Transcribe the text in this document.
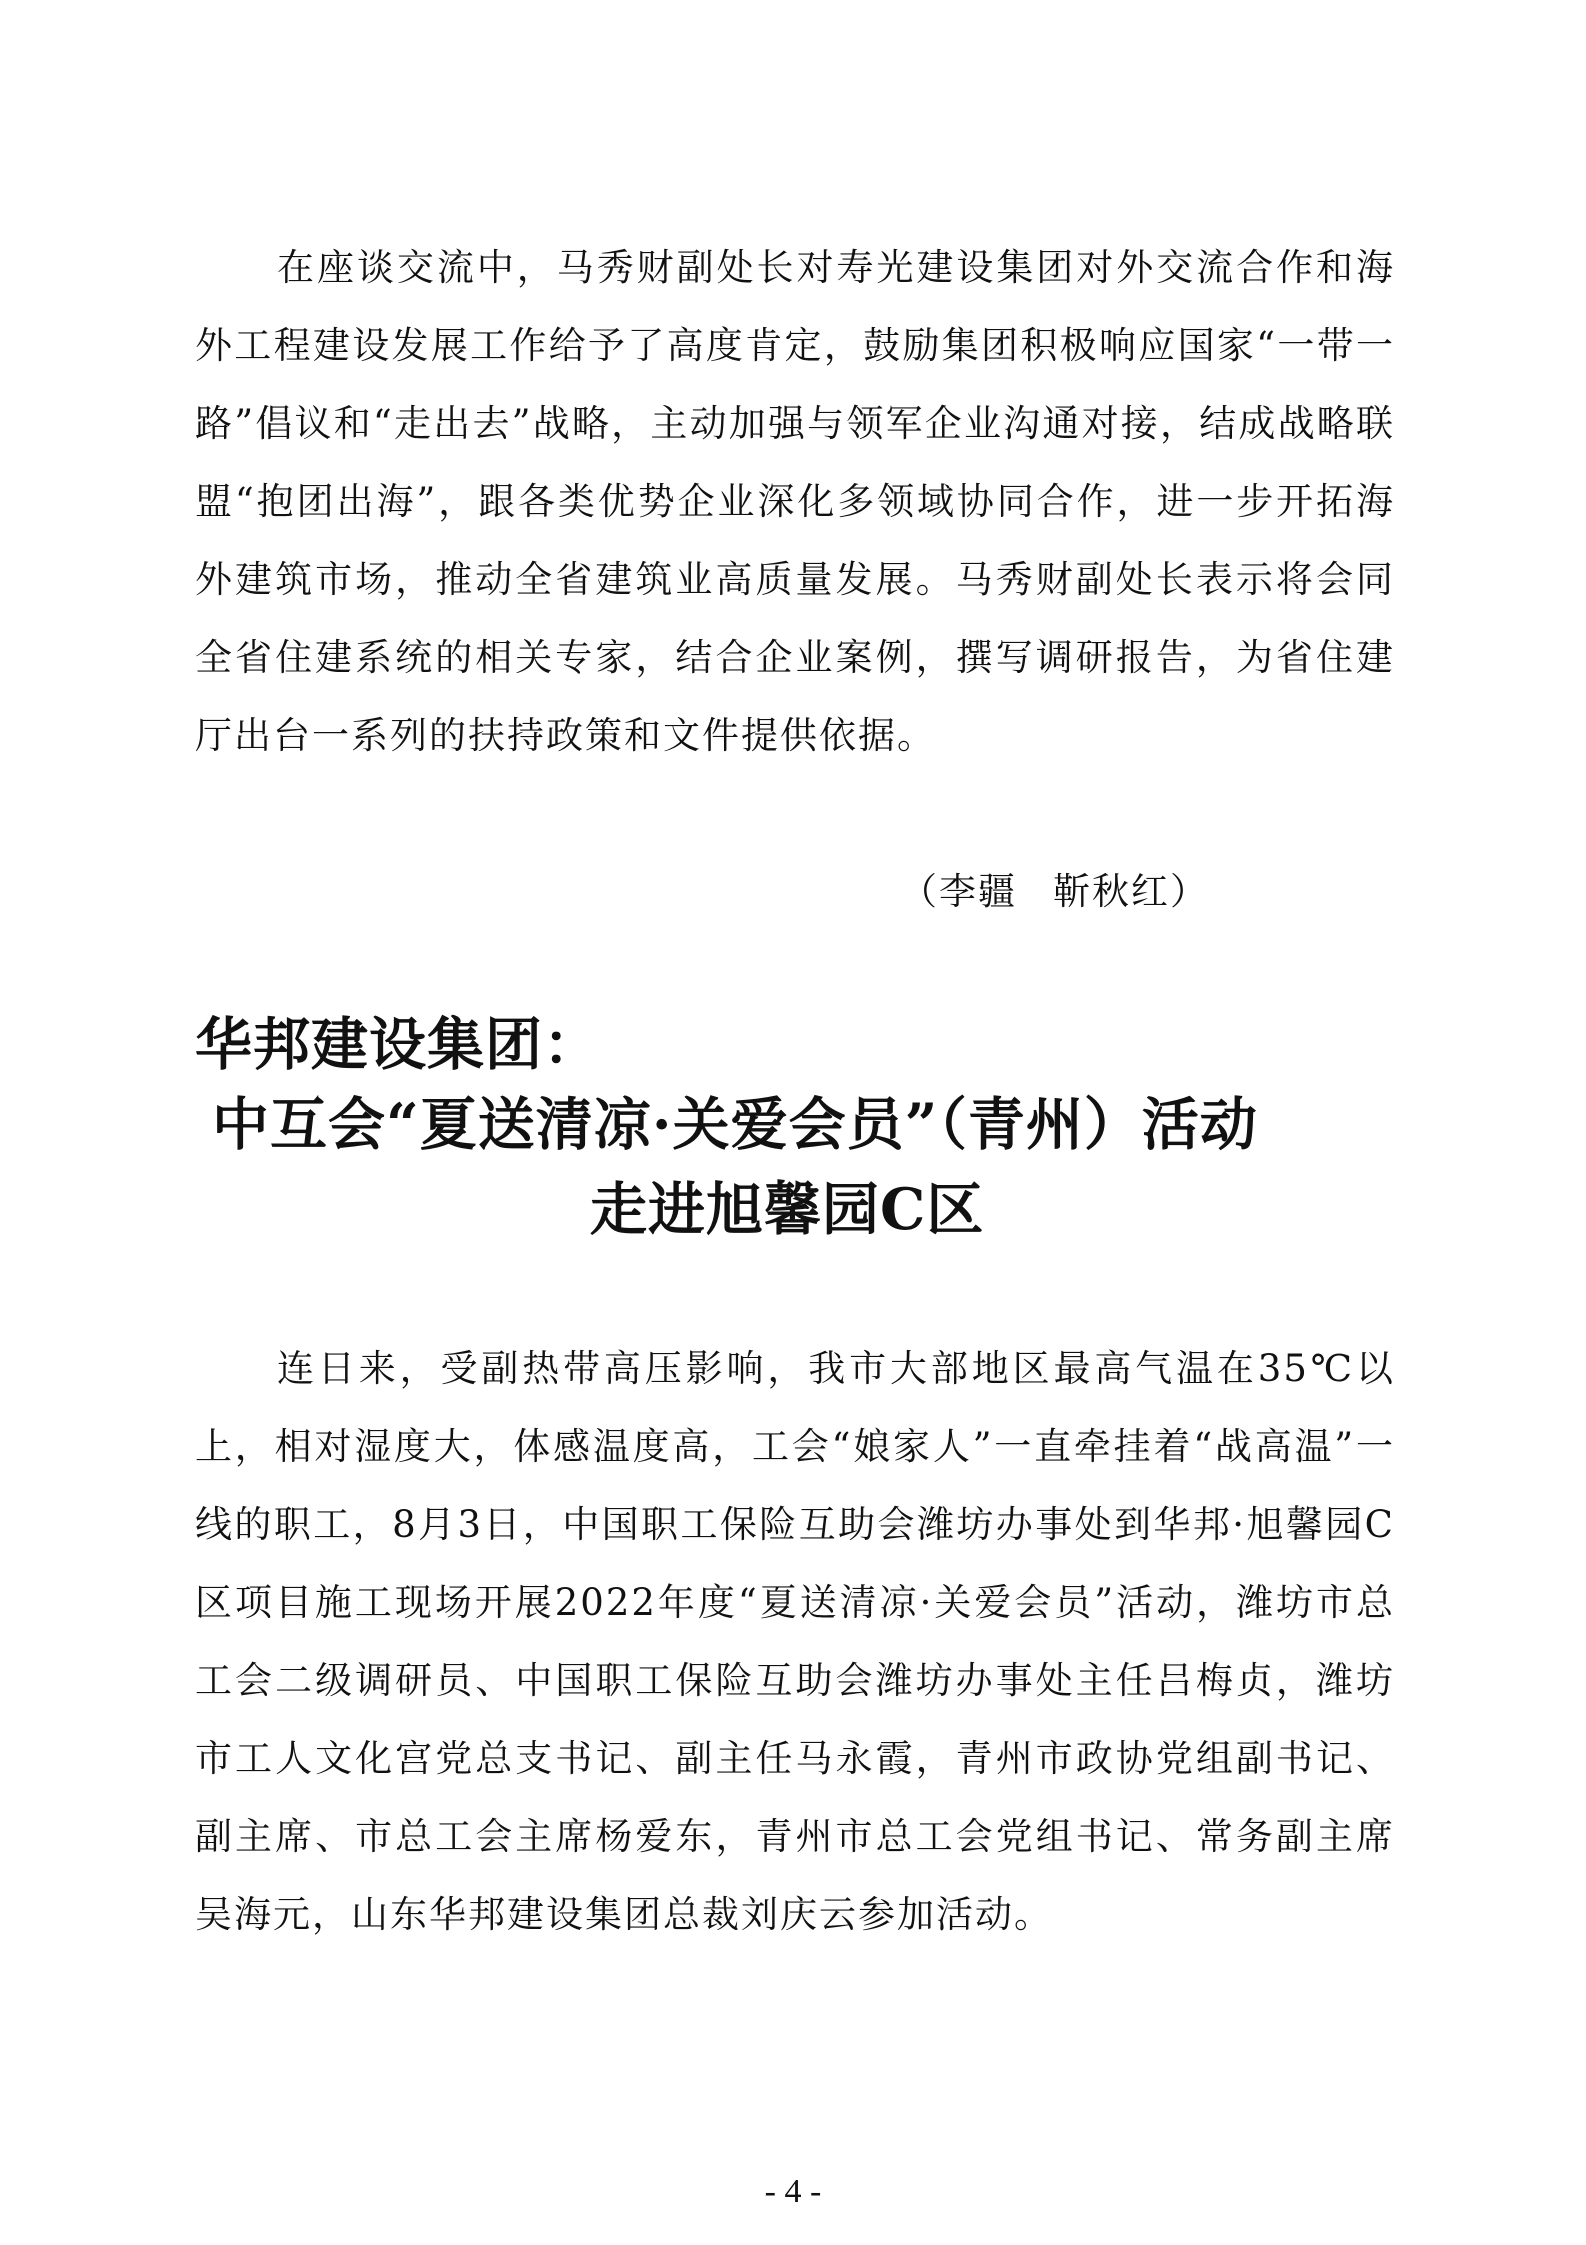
在座谈交流中，马秀财副处长对寿光建设集团对外交流合作和海外工程建设发展工作给予了高度肯定，鼓励集团积极响应国家“一带一路”倡议和“走出去”战略，主动加强与领军企业沟通对接，结成战略联盟“抱团出海”，跟各类优势企业深化多领域协同合作，进一步开拓海外建筑市场，推动全省建筑业高质量发展。马秀财副处长表示将会同全省住建系统的相关专家，结合企业案例，撰写调研报告，为省住建厅出台一系列的扶持政策和文件提供依据。

（李疆 靳秋红）
华邦建设集团：
中互会“夏送清凉·关爱会员”（青州）活动
走进旭馨园C区

连日来，受副热带高压影响，我市大部地区最高气温在35℃以上，相对湿度大，体感温度高，工会“娘家人”一直牵挂着“战高温”一线的职工，8月3日，中国职工保险互助会潍坊办事处到华邦·旭馨园C区项目施工现场开展2022年度“夏送清凉·关爱会员”活动，潍坊市总工会二级调研员、中国职工保险互助会潍坊办事处主任吕梅贞，潍坊市工人文化宫党总支书记、副主任马永霞，青州市政协党组副书记、副主席、市总工会主席杨爱东，青州市总工会党组书记、常务副主席吴海元，山东华邦建设集团总裁刘庆云参加活动。

- 4 -
